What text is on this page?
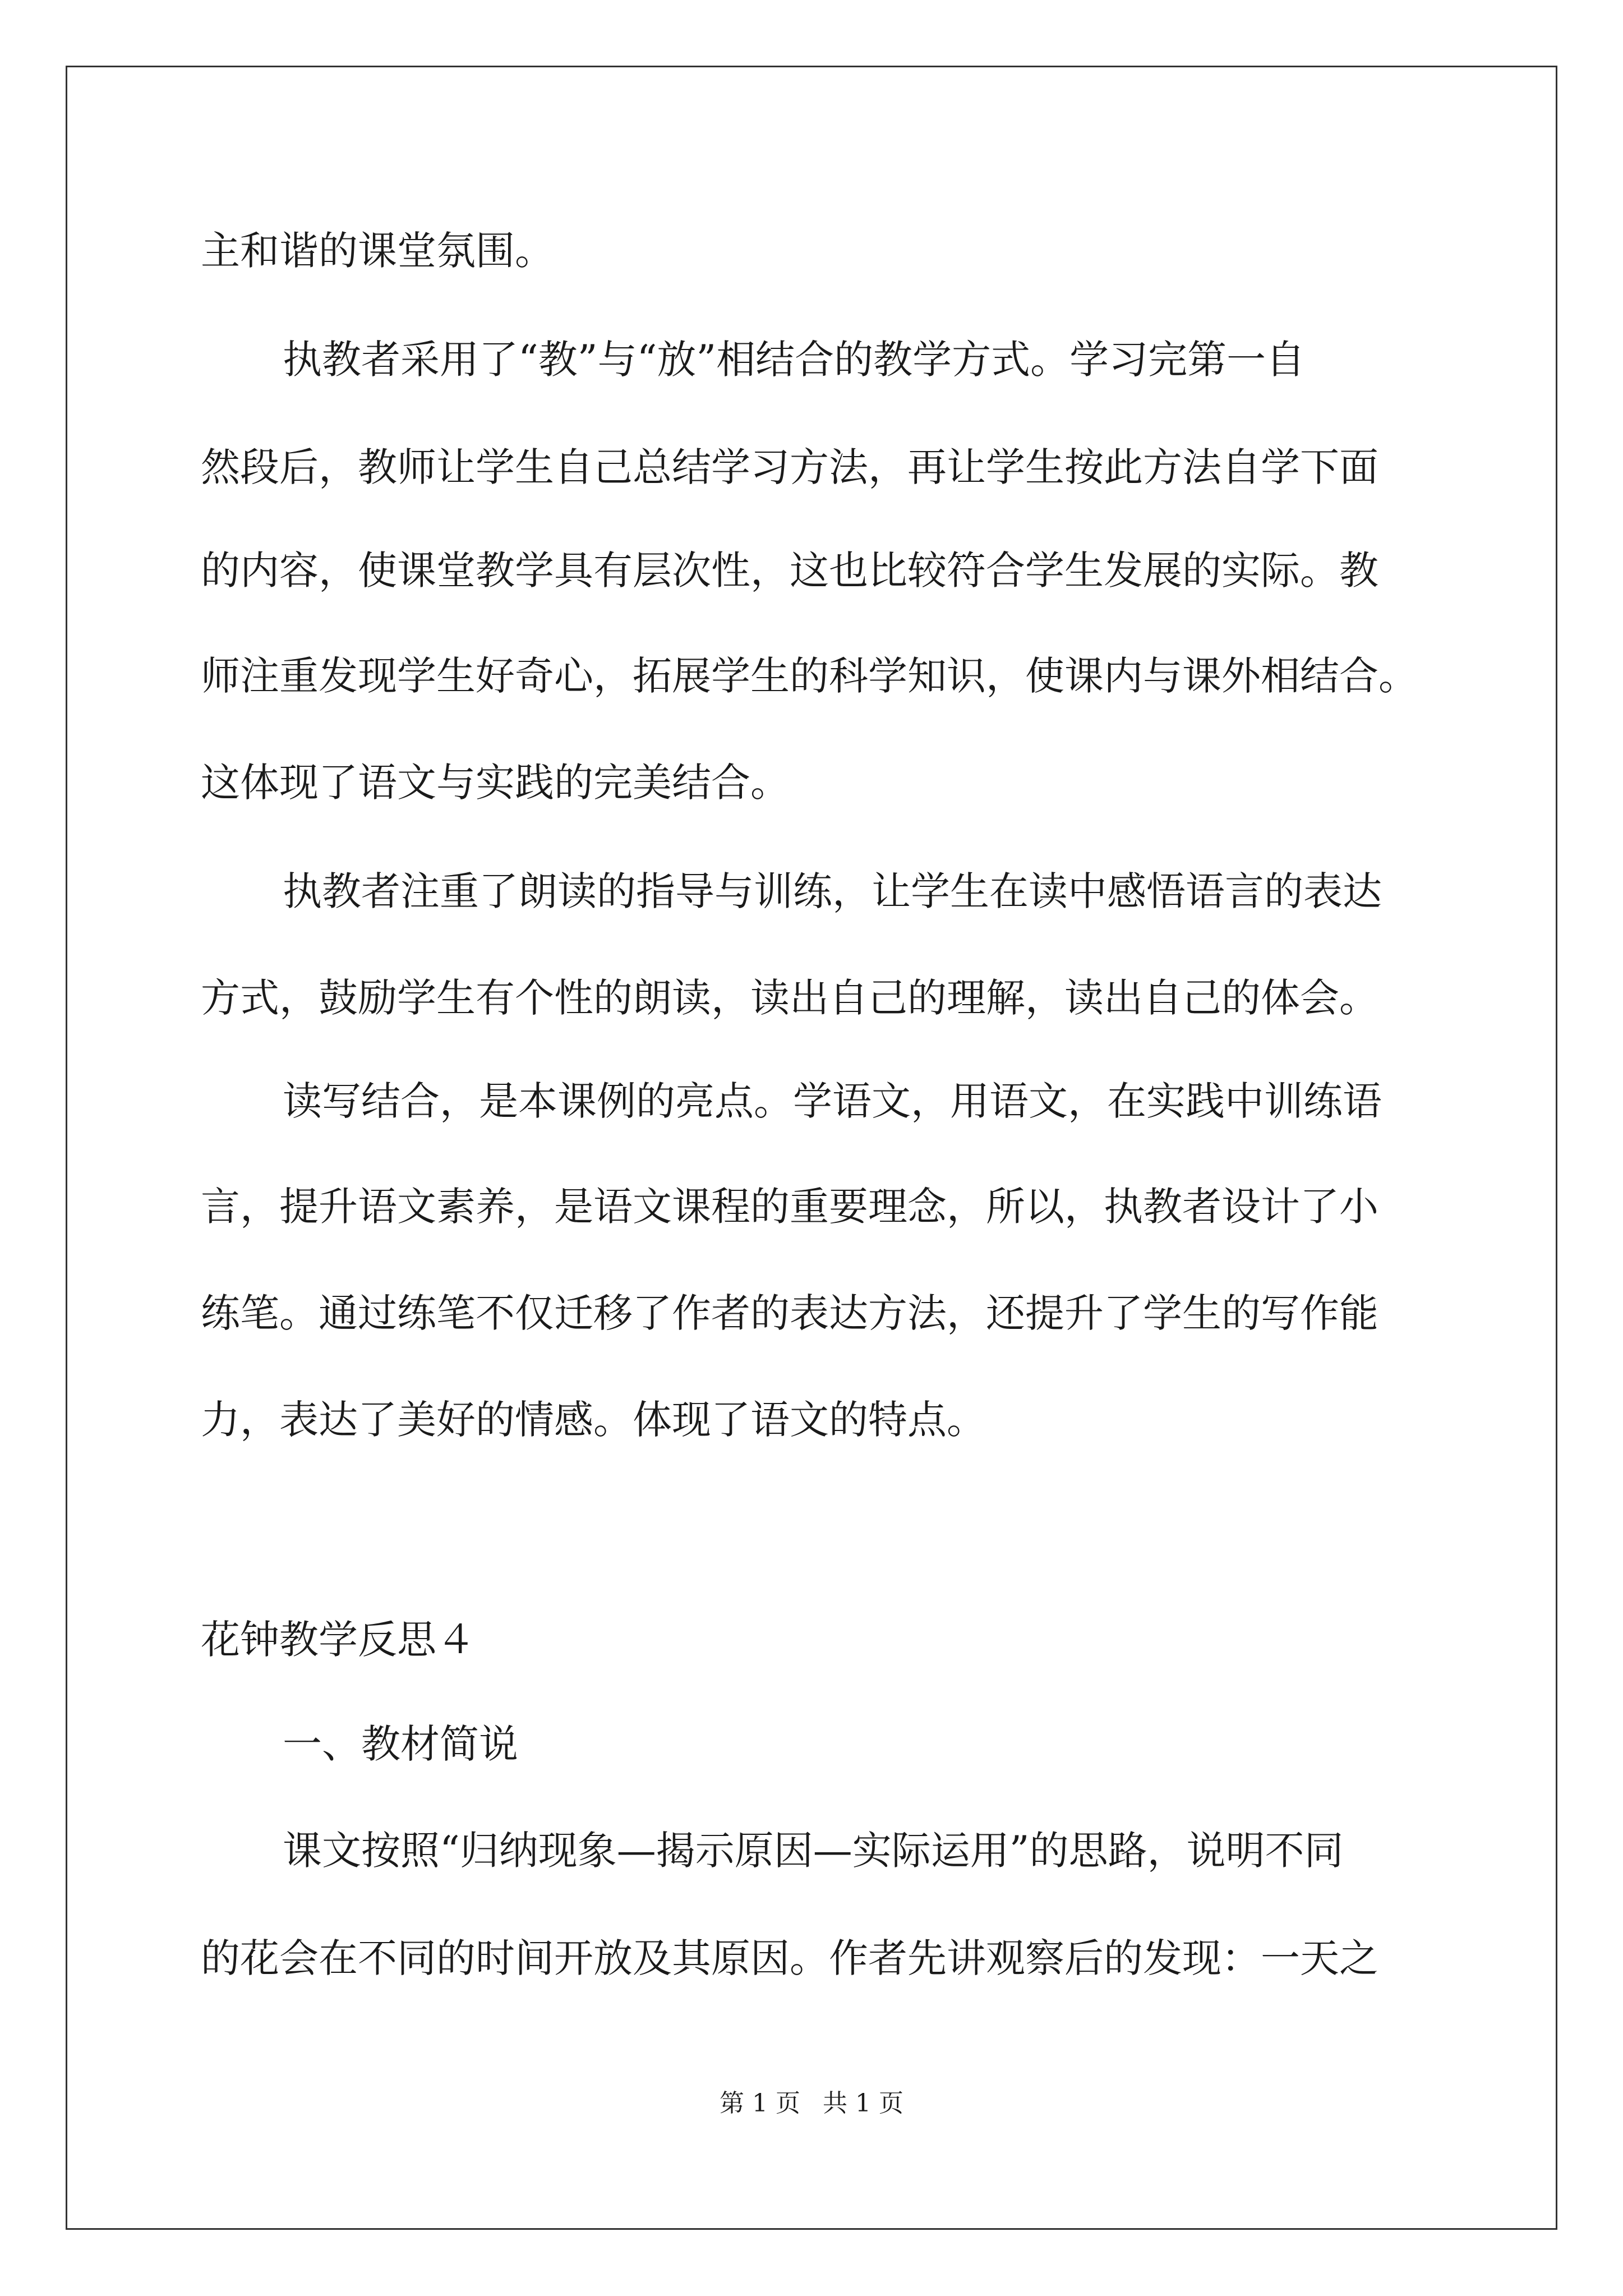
主和谐的课堂氛围。
执教者采用了“教”与“放”相结合的教学方式。学习完第一自
然段后，教师让学生自己总结学习方法，再让学生按此方法自学下面
的内容，使课堂教学具有层次性，这也比较符合学生发展的实际。教
师注重发现学生好奇心，拓展学生的科学知识，使课内与课外相结合。
这体现了语文与实践的完美结合。
执教者注重了朗读的指导与训练，让学生在读中感悟语言的表达
方式，鼓励学生有个性的朗读，读出自己的理解，读出自己的体会。
读写结合，是本课例的亮点。学语文，用语文，在实践中训练语
言，提升语文素养，是语文课程的重要理念，所以，执教者设计了小
练笔。通过练笔不仅迁移了作者的表达方法，还提升了学生的写作能
力，表达了美好的情感。体现了语文的特点。
花钟教学反思４
一、教材简说
课文按照“归纳现象—揭示原因—实际运用”的思路，说明不同
的花会在不同的时间开放及其原因。作者先讲观察后的发现：一天之
第 1 页 共 1 页
